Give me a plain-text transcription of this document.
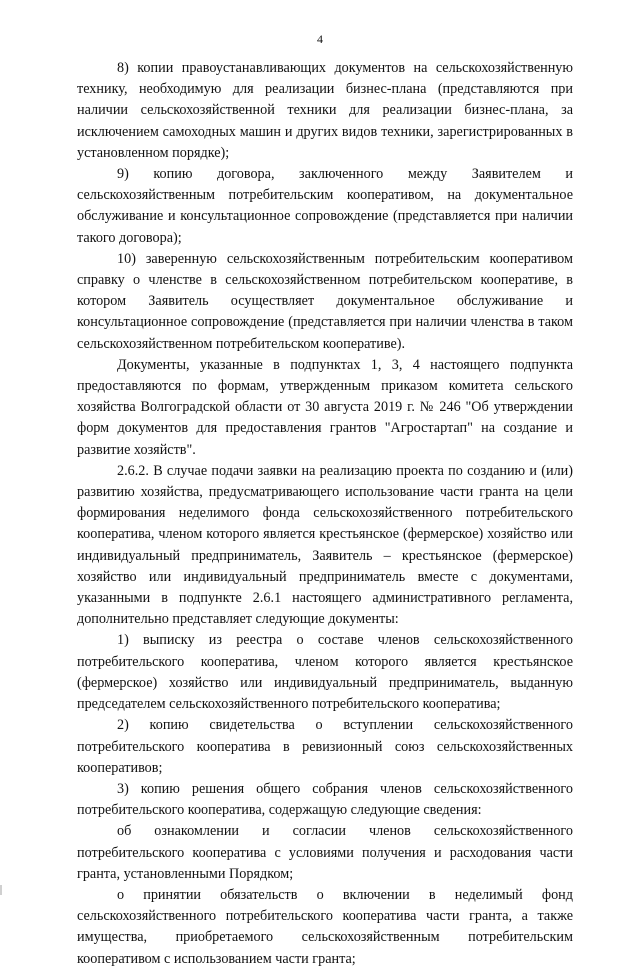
4

8) копии правоустанавливающих документов на сельскохозяйственную технику, необходимую для реализации бизнес-плана (представляются при наличии сельскохозяйственной техники для реализации бизнес-плана, за исключением самоходных машин и других видов техники, зарегистрированных в установленном порядке);

9) копию договора, заключенного между Заявителем и сельскохозяйственным потребительским кооперативом, на документальное обслуживание и консультационное сопровождение (представляется при наличии такого договора);

10) заверенную сельскохозяйственным потребительским кооперативом справку о членстве в сельскохозяйственном потребительском кооперативе, в котором Заявитель осуществляет документальное обслуживание и консультационное сопровождение (представляется при наличии членства в таком сельскохозяйственном потребительском кооперативе).

Документы, указанные в подпунктах 1, 3, 4 настоящего подпункта предоставляются по формам, утвержденным приказом комитета сельского хозяйства Волгоградской области от 30 августа 2019 г. № 246 "Об утверждении форм документов для предоставления грантов "Агростартап" на создание и развитие хозяйств".

2.6.2. В случае подачи заявки на реализацию проекта по созданию и (или) развитию хозяйства, предусматривающего использование части гранта на цели формирования неделимого фонда сельскохозяйственного потребительского кооператива, членом которого является крестьянское (фермерское) хозяйство или индивидуальный предприниматель, Заявитель – крестьянское (фермерское) хозяйство или индивидуальный предприниматель вместе с документами, указанными в подпункте 2.6.1 настоящего административного регламента, дополнительно представляет следующие документы:

1) выписку из реестра о составе членов сельскохозяйственного потребительского кооператива, членом которого является крестьянское (фермерское) хозяйство или индивидуальный предприниматель, выданную председателем сельскохозяйственного потребительского кооператива;

2) копию свидетельства о вступлении сельскохозяйственного потребительского кооператива в ревизионный союз сельскохозяйственных кооперативов;

3) копию решения общего собрания членов сельскохозяйственного потребительского кооператива, содержащую следующие сведения:

об ознакомлении и согласии членов сельскохозяйственного потребительского кооператива с условиями получения и расходования части гранта, установленными Порядком;

о принятии обязательств о включении в неделимый фонд сельскохозяйственного потребительского кооператива части гранта, а также имущества, приобретаемого сельскохозяйственным потребительским кооперативом с использованием части гранта;
